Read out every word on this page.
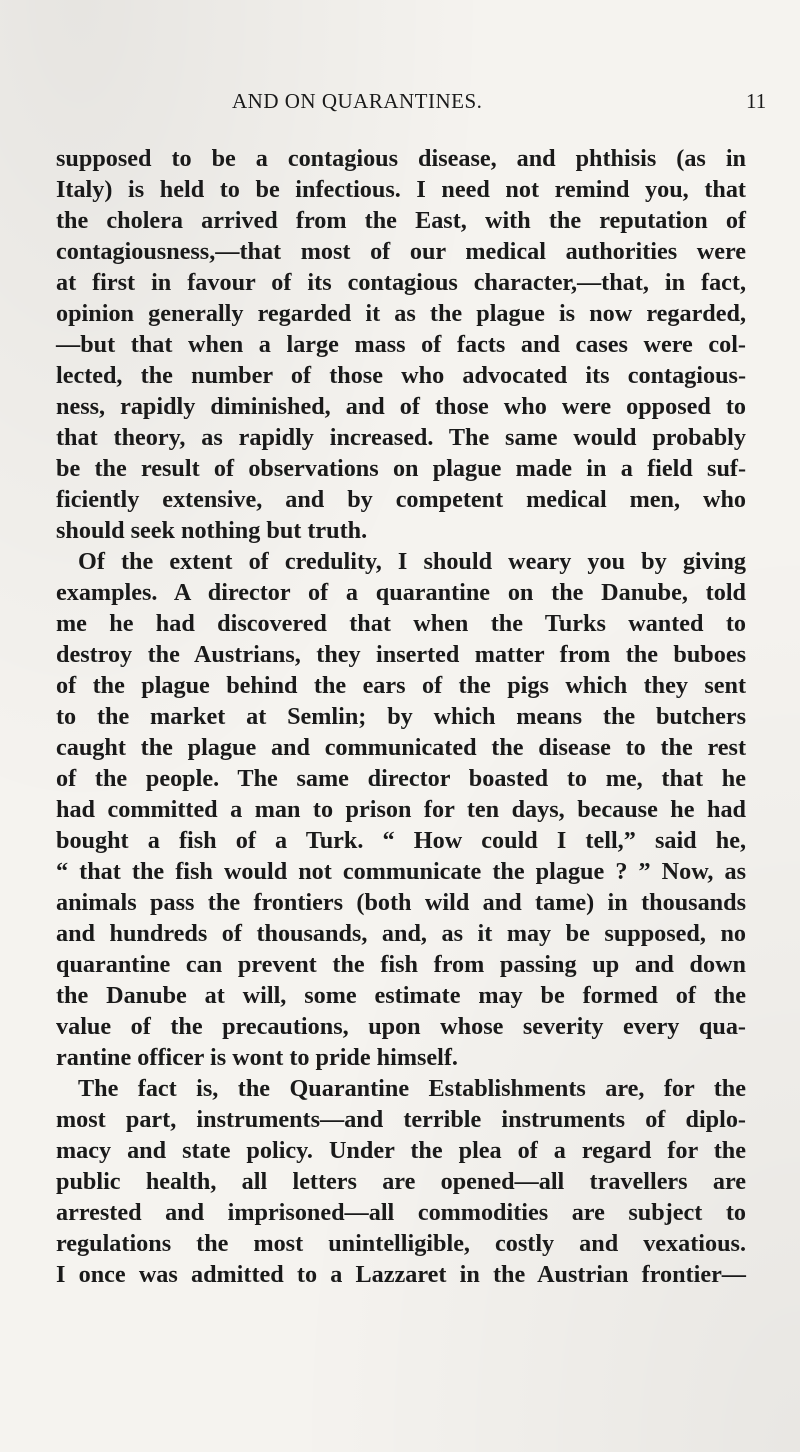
AND ON QUARANTINES.	11
supposed to be a contagious disease, and phthisis (as in
Italy) is held to be infectious. I need not remind you, that
the cholera arrived from the East, with the reputation of
contagiousness,—that most of our medical authorities were
at first in favour of its contagious character,—that, in fact,
opinion generally regarded it as the plague is now regarded,
—but that when a large mass of facts and cases were col-
lected, the number of those who advocated its contagious-
ness, rapidly diminished, and of those who were opposed to
that theory, as rapidly increased. The same would probably
be the result of observations on plague made in a field suf-
ficiently extensive, and by competent medical men, who
should seek nothing but truth.
Of the extent of credulity, I should weary you by giving
examples. A director of a quarantine on the Danube, told
me he had discovered that when the Turks wanted to
destroy the Austrians, they inserted matter from the buboes
of the plague behind the ears of the pigs which they sent
to the market at Semlin; by which means the butchers
caught the plague and communicated the disease to the rest
of the people. The same director boasted to me, that he
had committed a man to prison for ten days, because he had
bought a fish of a Turk. “ How could I tell,” said he,
“ that the fish would not communicate the plague ? ” Now, as
animals pass the frontiers (both wild and tame) in thousands
and hundreds of thousands, and, as it may be supposed, no
quarantine can prevent the fish from passing up and down
the Danube at will, some estimate may be formed of the
value of the precautions, upon whose severity every qua-
rantine officer is wont to pride himself.
The fact is, the Quarantine Establishments are, for the
most part, instruments—and terrible instruments of diplo-
macy and state policy. Under the plea of a regard for the
public health, all letters are opened—all travellers are
arrested and imprisoned—all commodities are subject to
regulations the most unintelligible, costly and vexatious.
I once was admitted to a Lazzaret in the Austrian frontier—
